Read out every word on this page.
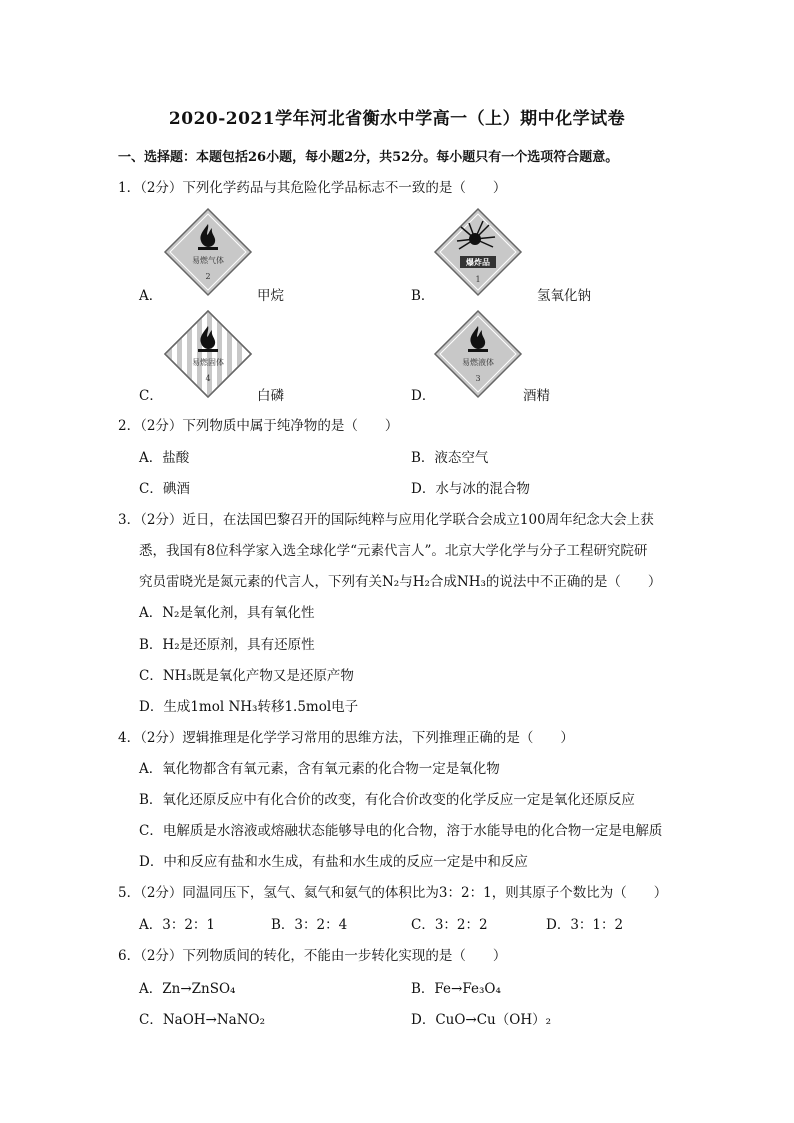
2020-2021学年河北省衡水中学高一（上）期中化学试卷
一、选择题：本题包括26小题，每小题2分，共52分。每小题只有一个选项符合题意。
1．（2分）下列化学药品与其危险化学品标志不一致的是（　　）
易燃气体
2
爆炸品
1
A．	甲烷	B．	氢氧化钠
易燃固体
4
易燃液体
3
C．	白磷	D．	酒精
2．（2分）下列物质中属于纯净物的是（　　）
A．盐酸	B．液态空气
C．碘酒	D．水与冰的混合物
3．（2分）近日，在法国巴黎召开的国际纯粹与应用化学联合会成立100周年纪念大会上获
悉，我国有8位科学家入选全球化学“元素代言人”。北京大学化学与分子工程研究院研
究员雷晓光是氮元素的代言人，下列有关N₂与H₂合成NH₃的说法中不正确的是（　　）
A．N₂是氧化剂，具有氧化性
B．H₂是还原剂，具有还原性
C．NH₃既是氧化产物又是还原产物
D．生成1mol NH₃转移1.5mol电子
4．（2分）逻辑推理是化学学习常用的思维方法，下列推理正确的是（　　）
A．氧化物都含有氧元素，含有氧元素的化合物一定是氧化物
B．氧化还原反应中有化合价的改变，有化合价改变的化学反应一定是氧化还原反应
C．电解质是水溶液或熔融状态能够导电的化合物，溶于水能导电的化合物一定是电解质
D．中和反应有盐和水生成，有盐和水生成的反应一定是中和反应
5．（2分）同温同压下，氢气、氦气和氨气的体积比为3：2：1，则其原子个数比为（　　）
A．3：2：1	B．3：2：4	C．3：2：2	D．3：1：2
6．（2分）下列物质间的转化，不能由一步转化实现的是（　　）
A．Zn→ZnSO₄	B．Fe→Fe₃O₄
C．NaOH→NaNO₂	D．CuO→Cu（OH）₂
